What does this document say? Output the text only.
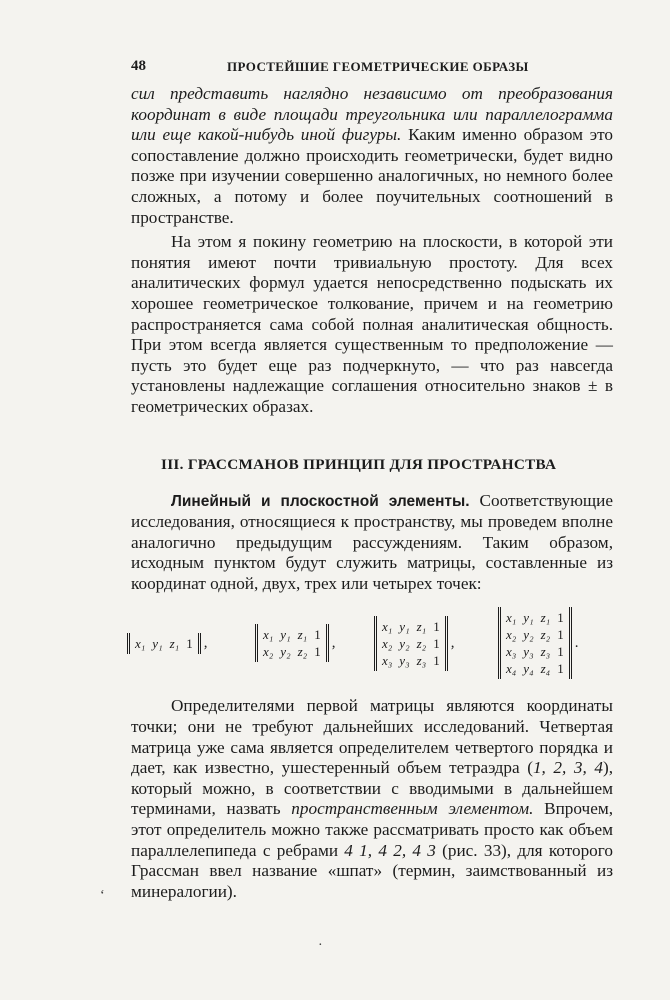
48	ПРОСТЕЙШИЕ ГЕОМЕТРИЧЕСКИЕ ОБРАЗЫ

сил представить наглядно независимо от преобразования координат в виде площади треугольника или параллелограмма или еще какой-нибудь иной фигуры. Каким именно образом это сопоставление должно происходить геометрически, будет видно позже при изучении совершенно аналогичных, но немного более сложных, а потому и более поучительных соотношений в пространстве.

На этом я покину геометрию на плоскости, в которой эти понятия имеют почти тривиальную простоту. Для всех аналитических формул удается непосредственно подыскать их хорошее геометрическое толкование, причем и на геометрию распространяется сама собой полная аналитическая общность. При этом всегда является существенным то предположение — пусть это будет еще раз подчеркнуто, — что раз навсегда установлены надлежащие соглашения относительно знаков ± в геометрических образах.

III. ГРАССМАНОВ ПРИНЦИП ДЛЯ ПРОСТРАНСТВА

Линейный и плоскостной элементы. Соответствующие исследования, относящиеся к пространству, мы проведем вполне аналогично предыдущим рассуждениям. Таким образом, исходным пунктом будут служить матрицы, составленные из координат одной, двух, трех или четырех точек:

x₁ y₁ z₁ 1 ,	x₁ y₁ z₁ 1
x₂ y₂ z₂ 1
,
x₁ y₁ z₁ 1
x₂ y₂ z₂ 1
x₃ y₃ z₃ 1
,
x₁ y₁ z₁ 1
x₂ y₂ z₂ 1
x₃ y₃ z₃ 1
x₄ y₄ z₄ 1
.

Определителями первой матрицы являются координаты точки; они не требуют дальнейших исследований. Четвертая матрица уже сама является определителем четвертого порядка и дает, как известно, ушестеренный объем тетраэдра (1, 2, 3, 4), который можно, в соответствии с вводимыми в дальнейшем терминами, назвать пространственным элементом. Впрочем, этот определитель можно также рассматривать просто как объем параллелепипеда с ребрами 4 1, 4 2, 4 3 (рис. 33), для которого Грассман ввел название «шпат» (термин, заимствованный из минералогии).

‘
·
